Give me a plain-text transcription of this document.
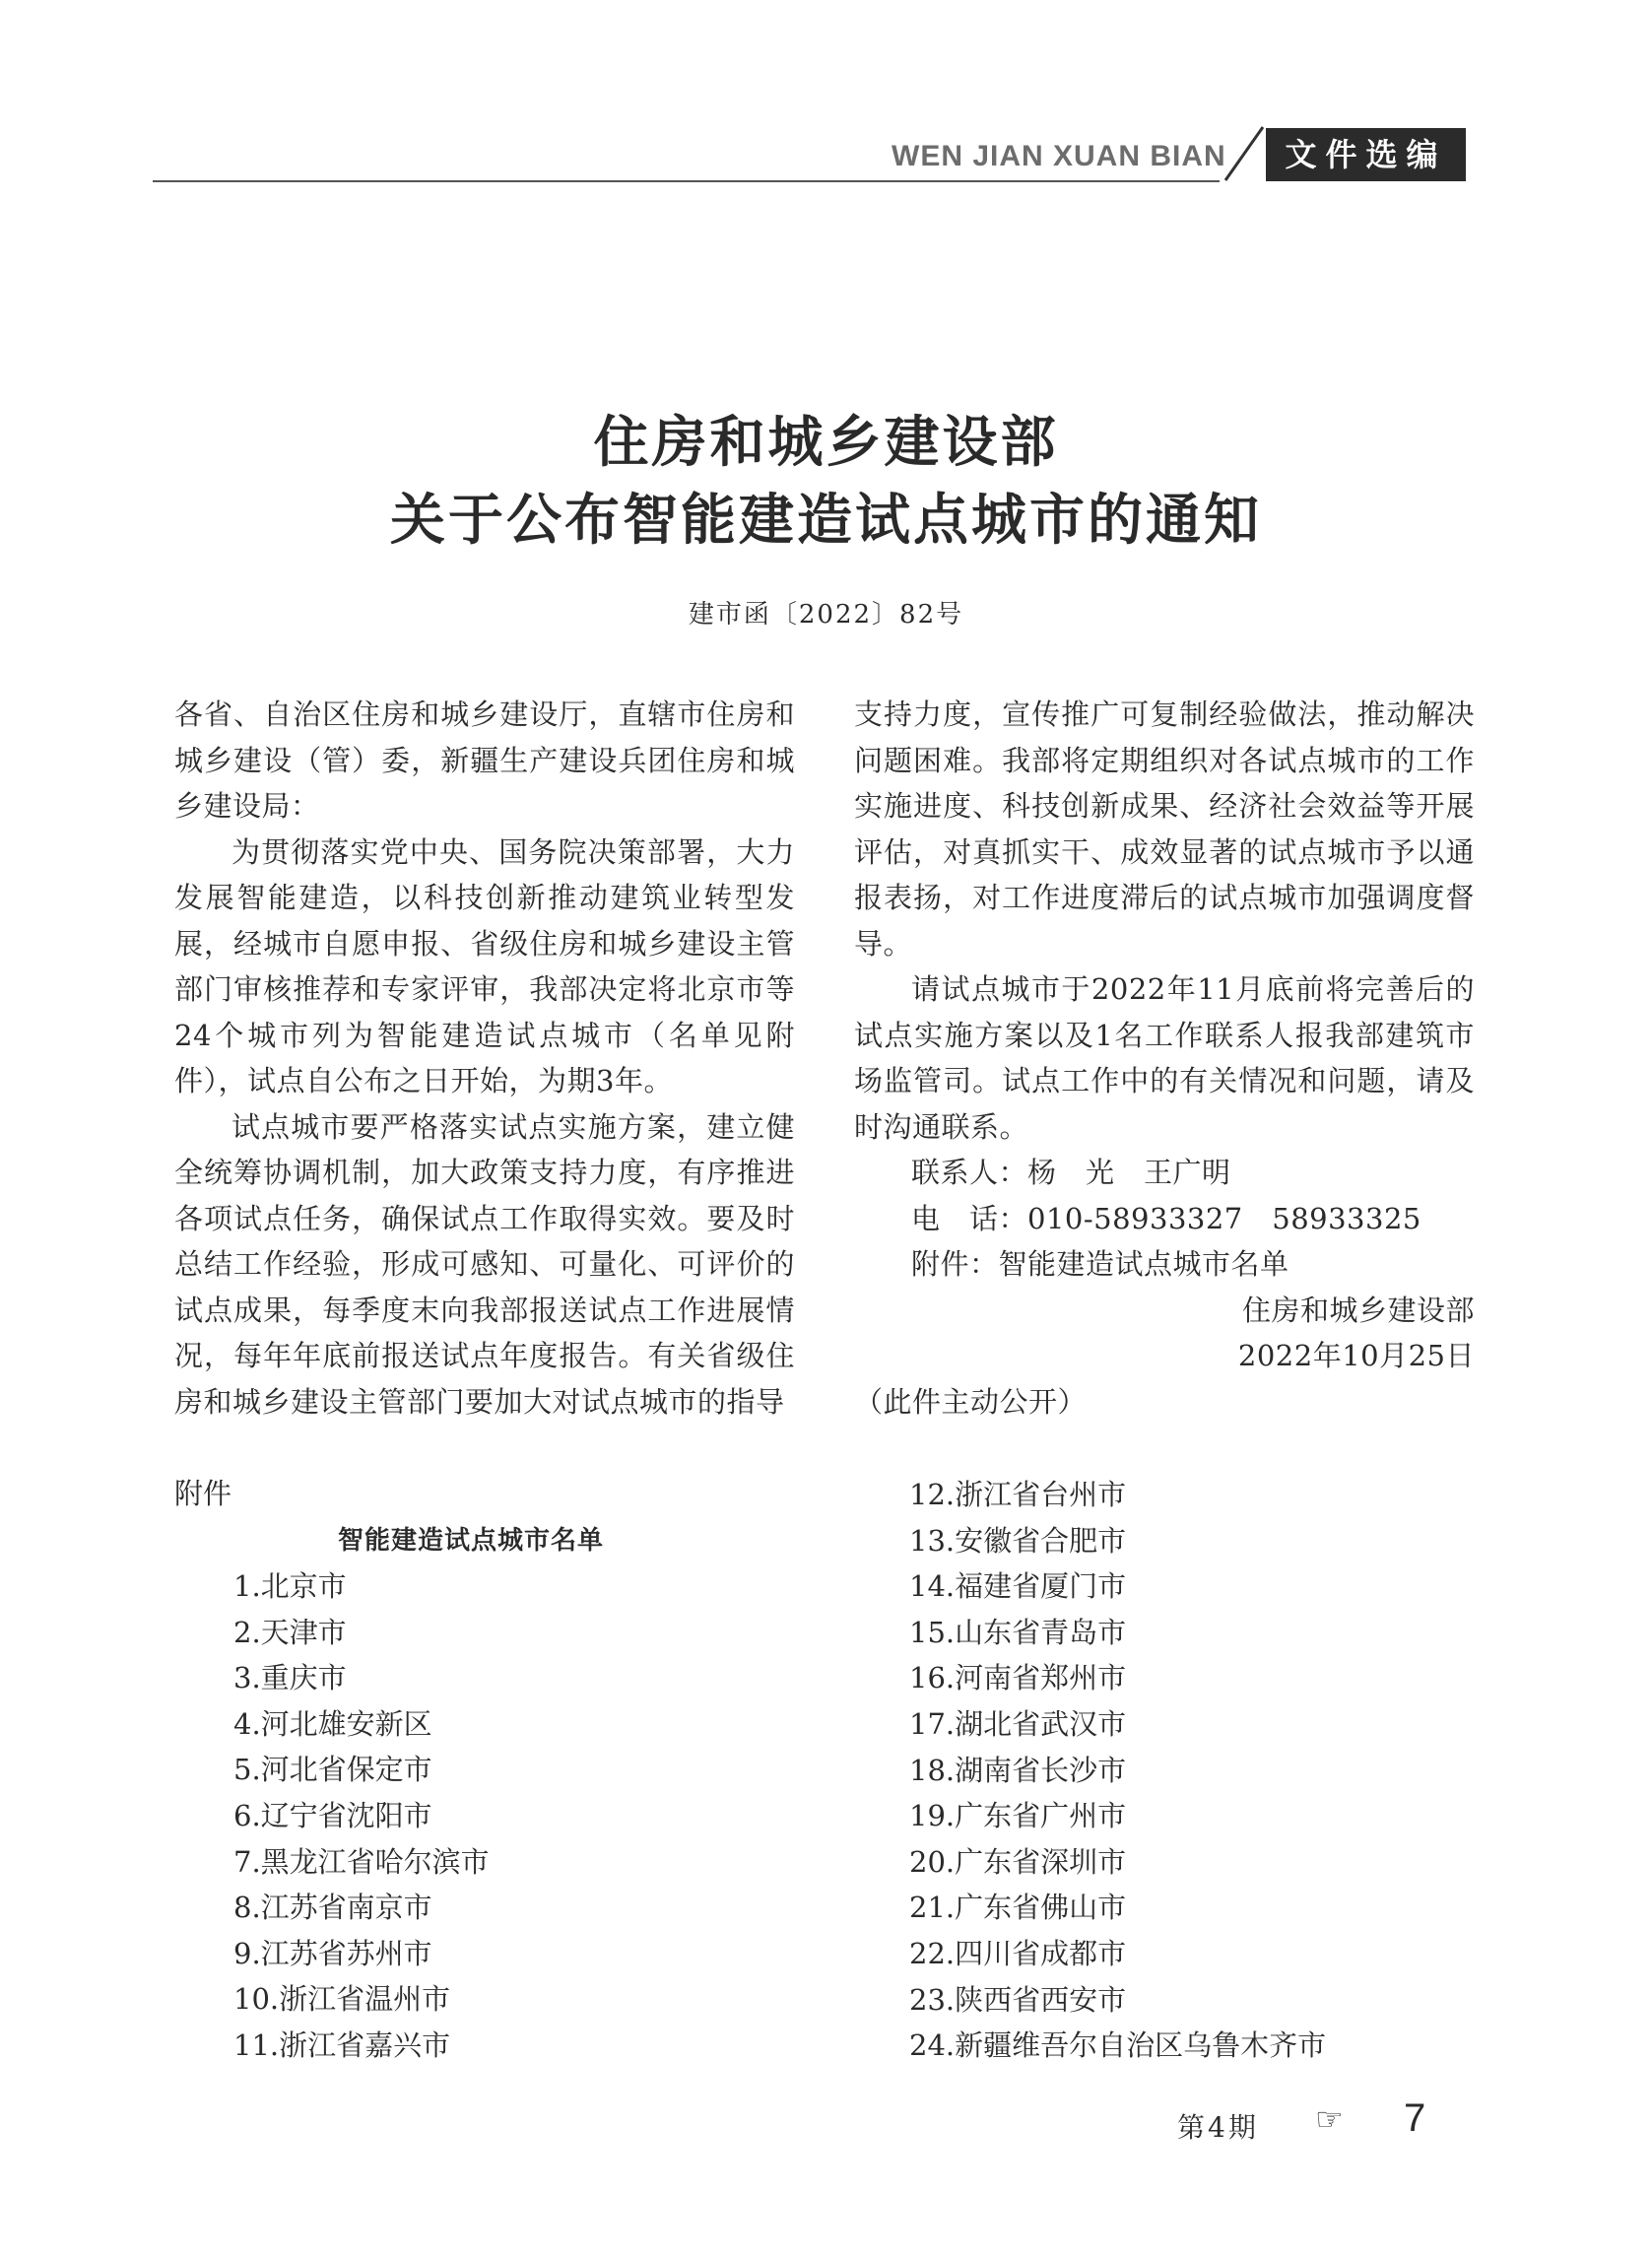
WEN JIAN XUAN BIAN	文件选编
住房和城乡建设部
关于公布智能建造试点城市的通知
建市函〔2022〕82号

各省、自治区住房和城乡建设厅，直辖市住房和城乡建设（管）委，新疆生产建设兵团住房和城乡建设局：

为贯彻落实党中央、国务院决策部署，大力发展智能建造，以科技创新推动建筑业转型发展，经城市自愿申报、省级住房和城乡建设主管部门审核推荐和专家评审，我部决定将北京市等24个城市列为智能建造试点城市（名单见附件），试点自公布之日开始，为期3年。

试点城市要严格落实试点实施方案，建立健全统筹协调机制，加大政策支持力度，有序推进各项试点任务，确保试点工作取得实效。要及时总结工作经验，形成可感知、可量化、可评价的试点成果，每季度末向我部报送试点工作进展情况，每年年底前报送试点年度报告。有关省级住房和城乡建设主管部门要加大对试点城市的指导

支持力度，宣传推广可复制经验做法，推动解决问题困难。我部将定期组织对各试点城市的工作实施进度、科技创新成果、经济社会效益等开展评估，对真抓实干、成效显著的试点城市予以通报表扬，对工作进度滞后的试点城市加强调度督导。

请试点城市于2022年11月底前将完善后的试点实施方案以及1名工作联系人报我部建筑市场监管司。试点工作中的有关情况和问题，请及时沟通联系。

联系人：杨　光　王广明

电　话：010-58933327　58933325

附件：智能建造试点城市名单

住房和城乡建设部

2022年10月25日

（此件主动公开）

附件
智能建造试点城市名单
1.北京市
2.天津市
3.重庆市
4.河北雄安新区
5.河北省保定市
6.辽宁省沈阳市
7.黑龙江省哈尔滨市
8.江苏省南京市
9.江苏省苏州市
10.浙江省温州市
11.浙江省嘉兴市
12.浙江省台州市
13.安徽省合肥市
14.福建省厦门市
15.山东省青岛市
16.河南省郑州市
17.湖北省武汉市
18.湖南省长沙市
19.广东省广州市
20.广东省深圳市
21.广东省佛山市
22.四川省成都市
23.陕西省西安市
24.新疆维吾尔自治区乌鲁木齐市
第4期 ☞ 7
